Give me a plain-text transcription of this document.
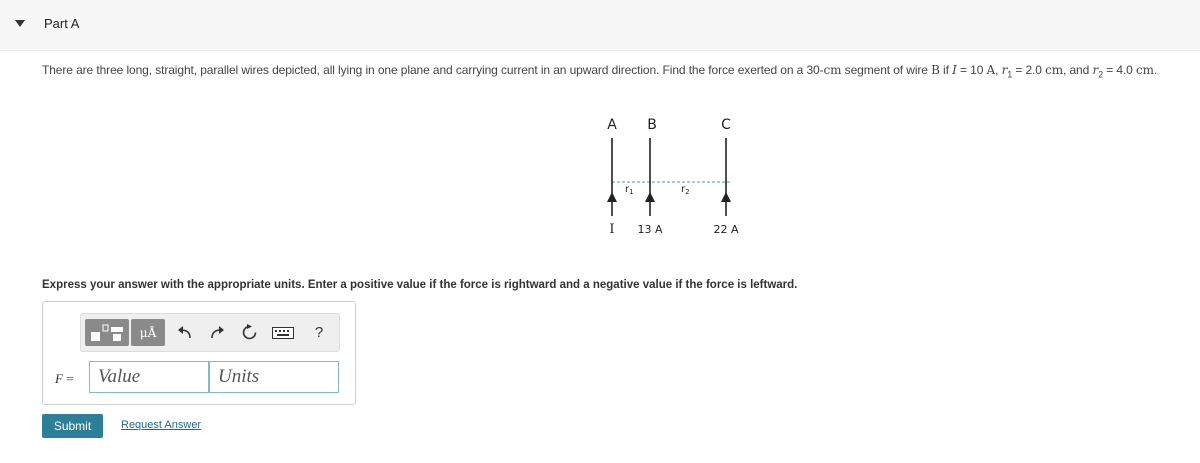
Part A
There are three long, straight, parallel wires depicted, all lying in one plane and carrying current in an upward direction. Find the force exerted on a 30-cm segment of wire B if I = 10 A, $r_1 = 2.0$ cm, and $r_2 = 4.0$ cm.
A B	C
$r_1$	$r_2$
I 13 A	22 A
Express your answer with the appropriate units. Enter a positive value if the force is rightward and a negative value if the force is leftward.
μÅ	?
F =
Value
Units
Submit	Request Answer
